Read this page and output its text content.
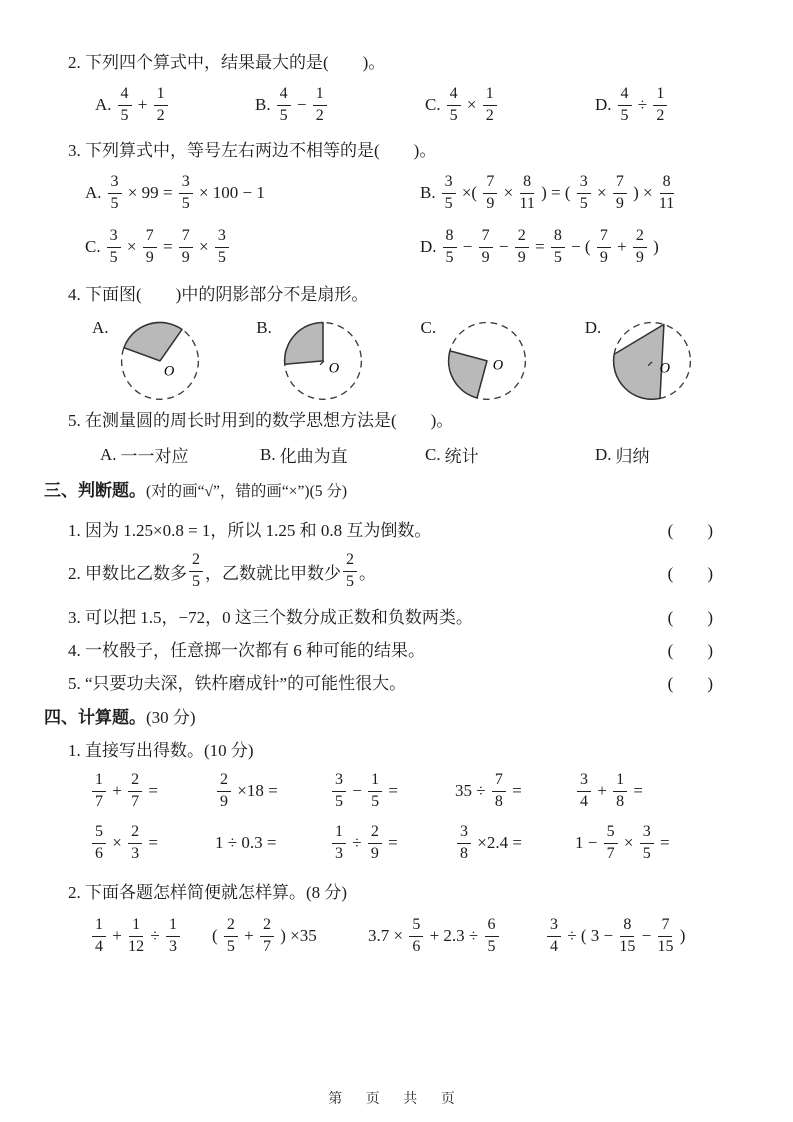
2. 下列四个算式中，结果最大的是(　　)。
A. $\frac{4}{5} + \frac{1}{2}$	B. $\frac{4}{5} - \frac{1}{2}$	C. $\frac{4}{5} \times \frac{1}{2}$	D. $\frac{4}{5} \div \frac{1}{2}$
3. 下列算式中，等号左右两边不相等的是(　　)。
A. $\frac{3}{5} \times 99 = \frac{3}{5} \times 100 - 1$	B. $\frac{3}{5}$ ×( $\frac{7}{9} \times \frac{8}{11}$ ) = ( $\frac{3}{5} \times \frac{7}{9}$ ) × $\frac{8}{11}$
C. $\frac{3}{5} \times \frac{7}{9} = \frac{7}{9} \times \frac{3}{5}$	D. $\frac{8}{5} - \frac{7}{9} - \frac{2}{9} = \frac{8}{5}$ − ( $\frac{7}{9} + \frac{2}{9}$ )
4. 下面图(　　)中的阴影部分不是扇形。
A.
O
B.
O
C.
O
D.
O
5. 在测量圆的周长时用到的数学思想方法是(　　)。
A. 一一对应	B. 化曲为直	C. 统计	D. 归纳
三、判断题。(对的画“√”，错的画“×”)(5 分)
1. 因为 1.25×0.8 = 1，所以 1.25 和 0.8 互为倒数。	(　　)
2. 甲数比乙数多 $\frac{2}{5}$ ，乙数就比甲数少 $\frac{2}{5}$ 。	(　　)
3. 可以把 1.5，−72，0 这三个数分成正数和负数两类。	(　　)
4. 一枚骰子，任意掷一次都有 6 种可能的结果。	(　　)
5. “只要功夫深，铁杵磨成针”的可能性很大。	(　　)
四、计算题。(30 分)
1. 直接写出得数。(10 分)
$\frac{1}{7} + \frac{2}{7}$ =	$\frac{2}{9} \times 18$ =	$\frac{3}{5} - \frac{1}{5}$ =	$35 \div \frac{7}{8}$ =	$\frac{3}{4} + \frac{1}{8}$ =
$\frac{5}{6} \times \frac{2}{3}$ =	1 ÷ 0.3 =	$\frac{1}{3} \div \frac{2}{9}$ =	$\frac{3}{8} \times 2.4$ =	$1 - \frac{5}{7} \times \frac{3}{5}$ =
2. 下面各题怎样简便就怎样算。(8 分)
$\frac{1}{4} + \frac{1}{12} \div \frac{1}{3}$ ( $\frac{2}{5} + \frac{2}{7}$ ) ×35	$3.7 \times \frac{5}{6} + 2.3 \div \frac{6}{5}$	$\frac{3}{4}$ ÷ ( $3 - \frac{8}{15} - \frac{7}{15}$ )
第 页 共 页
